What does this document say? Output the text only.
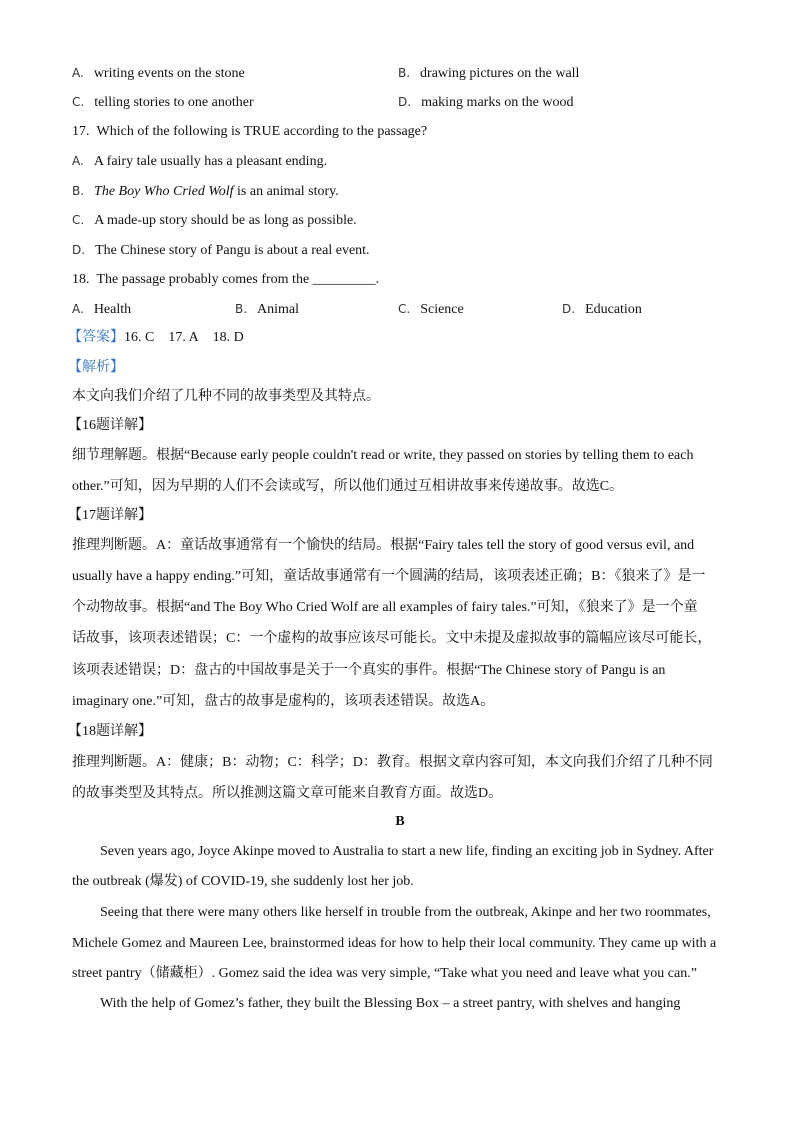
A. writing events on the stone	B. drawing pictures on the wall
C. telling stories to one another	D. making marks on the wood
17.  Which of the following is TRUE according to the passage?
A. A fairy tale usually has a pleasant ending.
B. The Boy Who Cried Wolf is an animal story.
C. A made-up story should be as long as possible.
D. The Chinese story of Pangu is about a real event.
18.  The passage probably comes from the _________.
A. Health	B. Animal	C. Science	D. Education
【答案】16. C    17. A    18. D
【解析】
本文向我们介绍了几种不同的故事类型及其特点。
【16题详解】
细节理解题。根据“Because early people couldn't read or write, they passed on stories by telling them to each
other.”可知，因为早期的人们不会读或写，所以他们通过互相讲故事来传递故事。故选C。
【17题详解】
推理判断题。A：童话故事通常有一个愉快的结局。根据“Fairy tales tell the story of good versus evil, and
usually have a happy ending.”可知，童话故事通常有一个圆满的结局，该项表述正确；B：《狼来了》是一
个动物故事。根据“and The Boy Who Cried Wolf are all examples of fairy tales.”可知，《狼来了》是一个童
话故事，该项表述错误；C：一个虚构的故事应该尽可能长。文中未提及虚拟故事的篇幅应该尽可能长，
该项表述错误；D：盘古的中国故事是关于一个真实的事件。根据“The Chinese story of Pangu is an
imaginary one.”可知，盘古的故事是虚构的，该项表述错误。故选A。
【18题详解】
推理判断题。A：健康；B：动物；C：科学；D：教育。根据文章内容可知，本文向我们介绍了几种不同
的故事类型及其特点。所以推测这篇文章可能来自教育方面。故选D。
B
Seven years ago, Joyce Akinpe moved to Australia to start a new life, finding an exciting job in Sydney. After
the outbreak (爆发) of COVID-19, she suddenly lost her job.
Seeing that there were many others like herself in trouble from the outbreak, Akinpe and her two roommates,
Michele Gomez and Maureen Lee, brainstormed ideas for how to help their local community. They came up with a
street pantry（储藏柜）. Gomez said the idea was very simple, “Take what you need and leave what you can.”
With the help of Gomez’s father, they built the Blessing Box – a street pantry, with shelves and hanging
